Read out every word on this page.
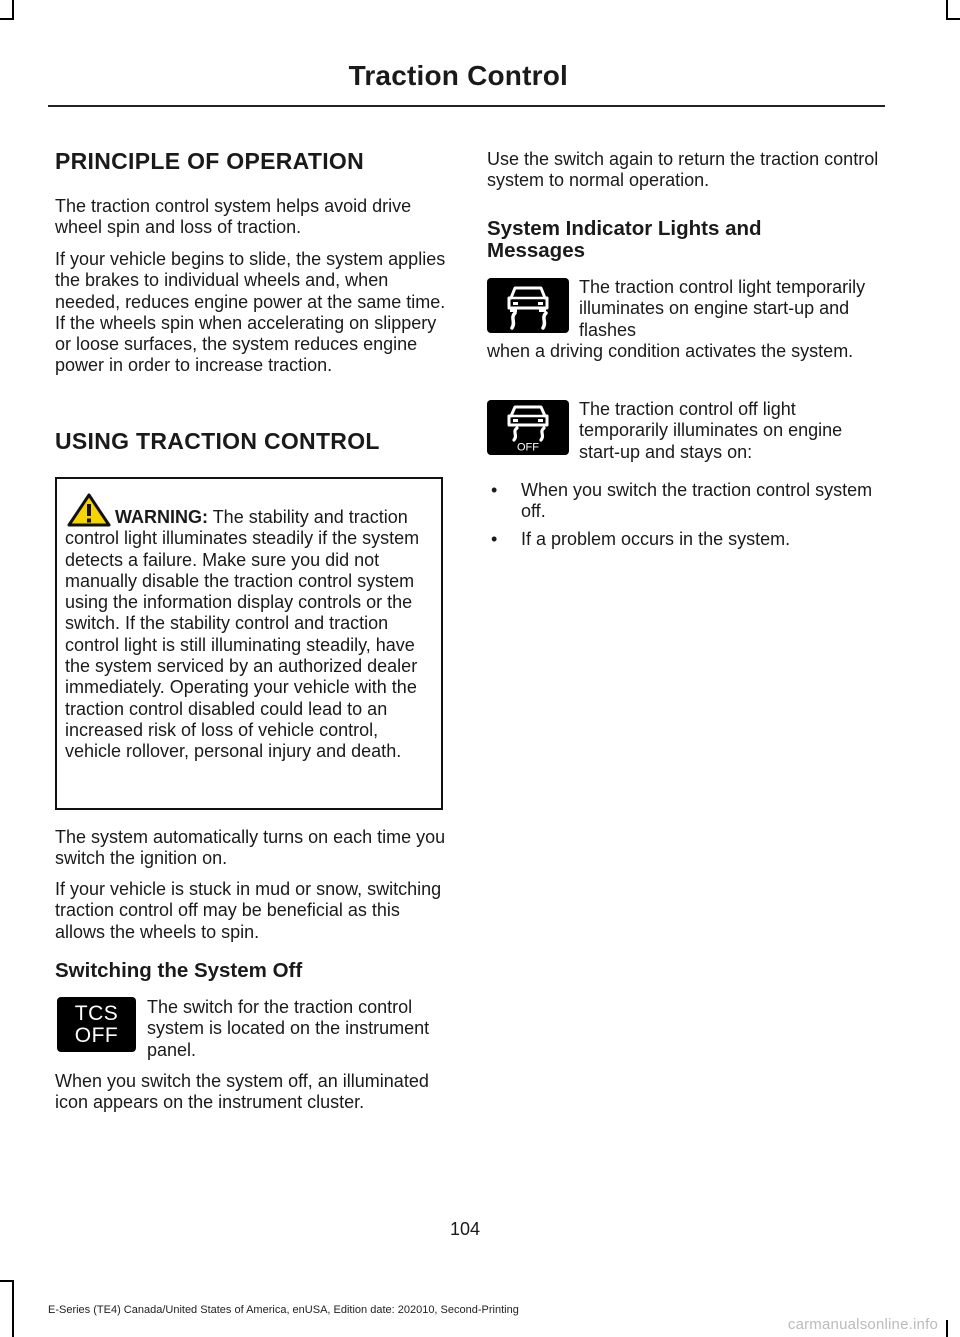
Traction Control
PRINCIPLE OF OPERATION

The traction control system helps avoid drive wheel spin and loss of traction.

If your vehicle begins to slide, the system applies the brakes to individual wheels and, when needed, reduces engine power at the same time. If the wheels spin when accelerating on slippery or loose surfaces, the system reduces engine power in order to increase traction.

USING TRACTION CONTROL
WARNING: The stability and traction control light illuminates steadily if the system detects a failure. Make sure you did not manually disable the traction control system using the information display controls or the switch. If the stability control and traction control light is still illuminating steadily, have the system serviced by an authorized dealer immediately. Operating your vehicle with the traction control disabled could lead to an increased risk of loss of vehicle control, vehicle rollover, personal injury and death.

The system automatically turns on each time you switch the ignition on.

If your vehicle is stuck in mud or snow, switching traction control off may be beneficial as this allows the wheels to spin.

Switching the System Off

The switch for the traction control system is located on the instrument panel.

When you switch the system off, an illuminated icon appears on the instrument cluster.

TCS
OFF

Use the switch again to return the traction control system to normal operation.

System Indicator Lights and Messages

The traction control light temporarily illuminates on engine start-up and flashes

when a driving condition activates the system.

The traction control off light temporarily illuminates on engine start-up and stays on:

• When you switch the traction control system off.
• If a problem occurs in the system.
OFF
104
E-Series (TE4) Canada/United States of America, enUSA, Edition date: 202010, Second-Printing
carmanualsonline.info
